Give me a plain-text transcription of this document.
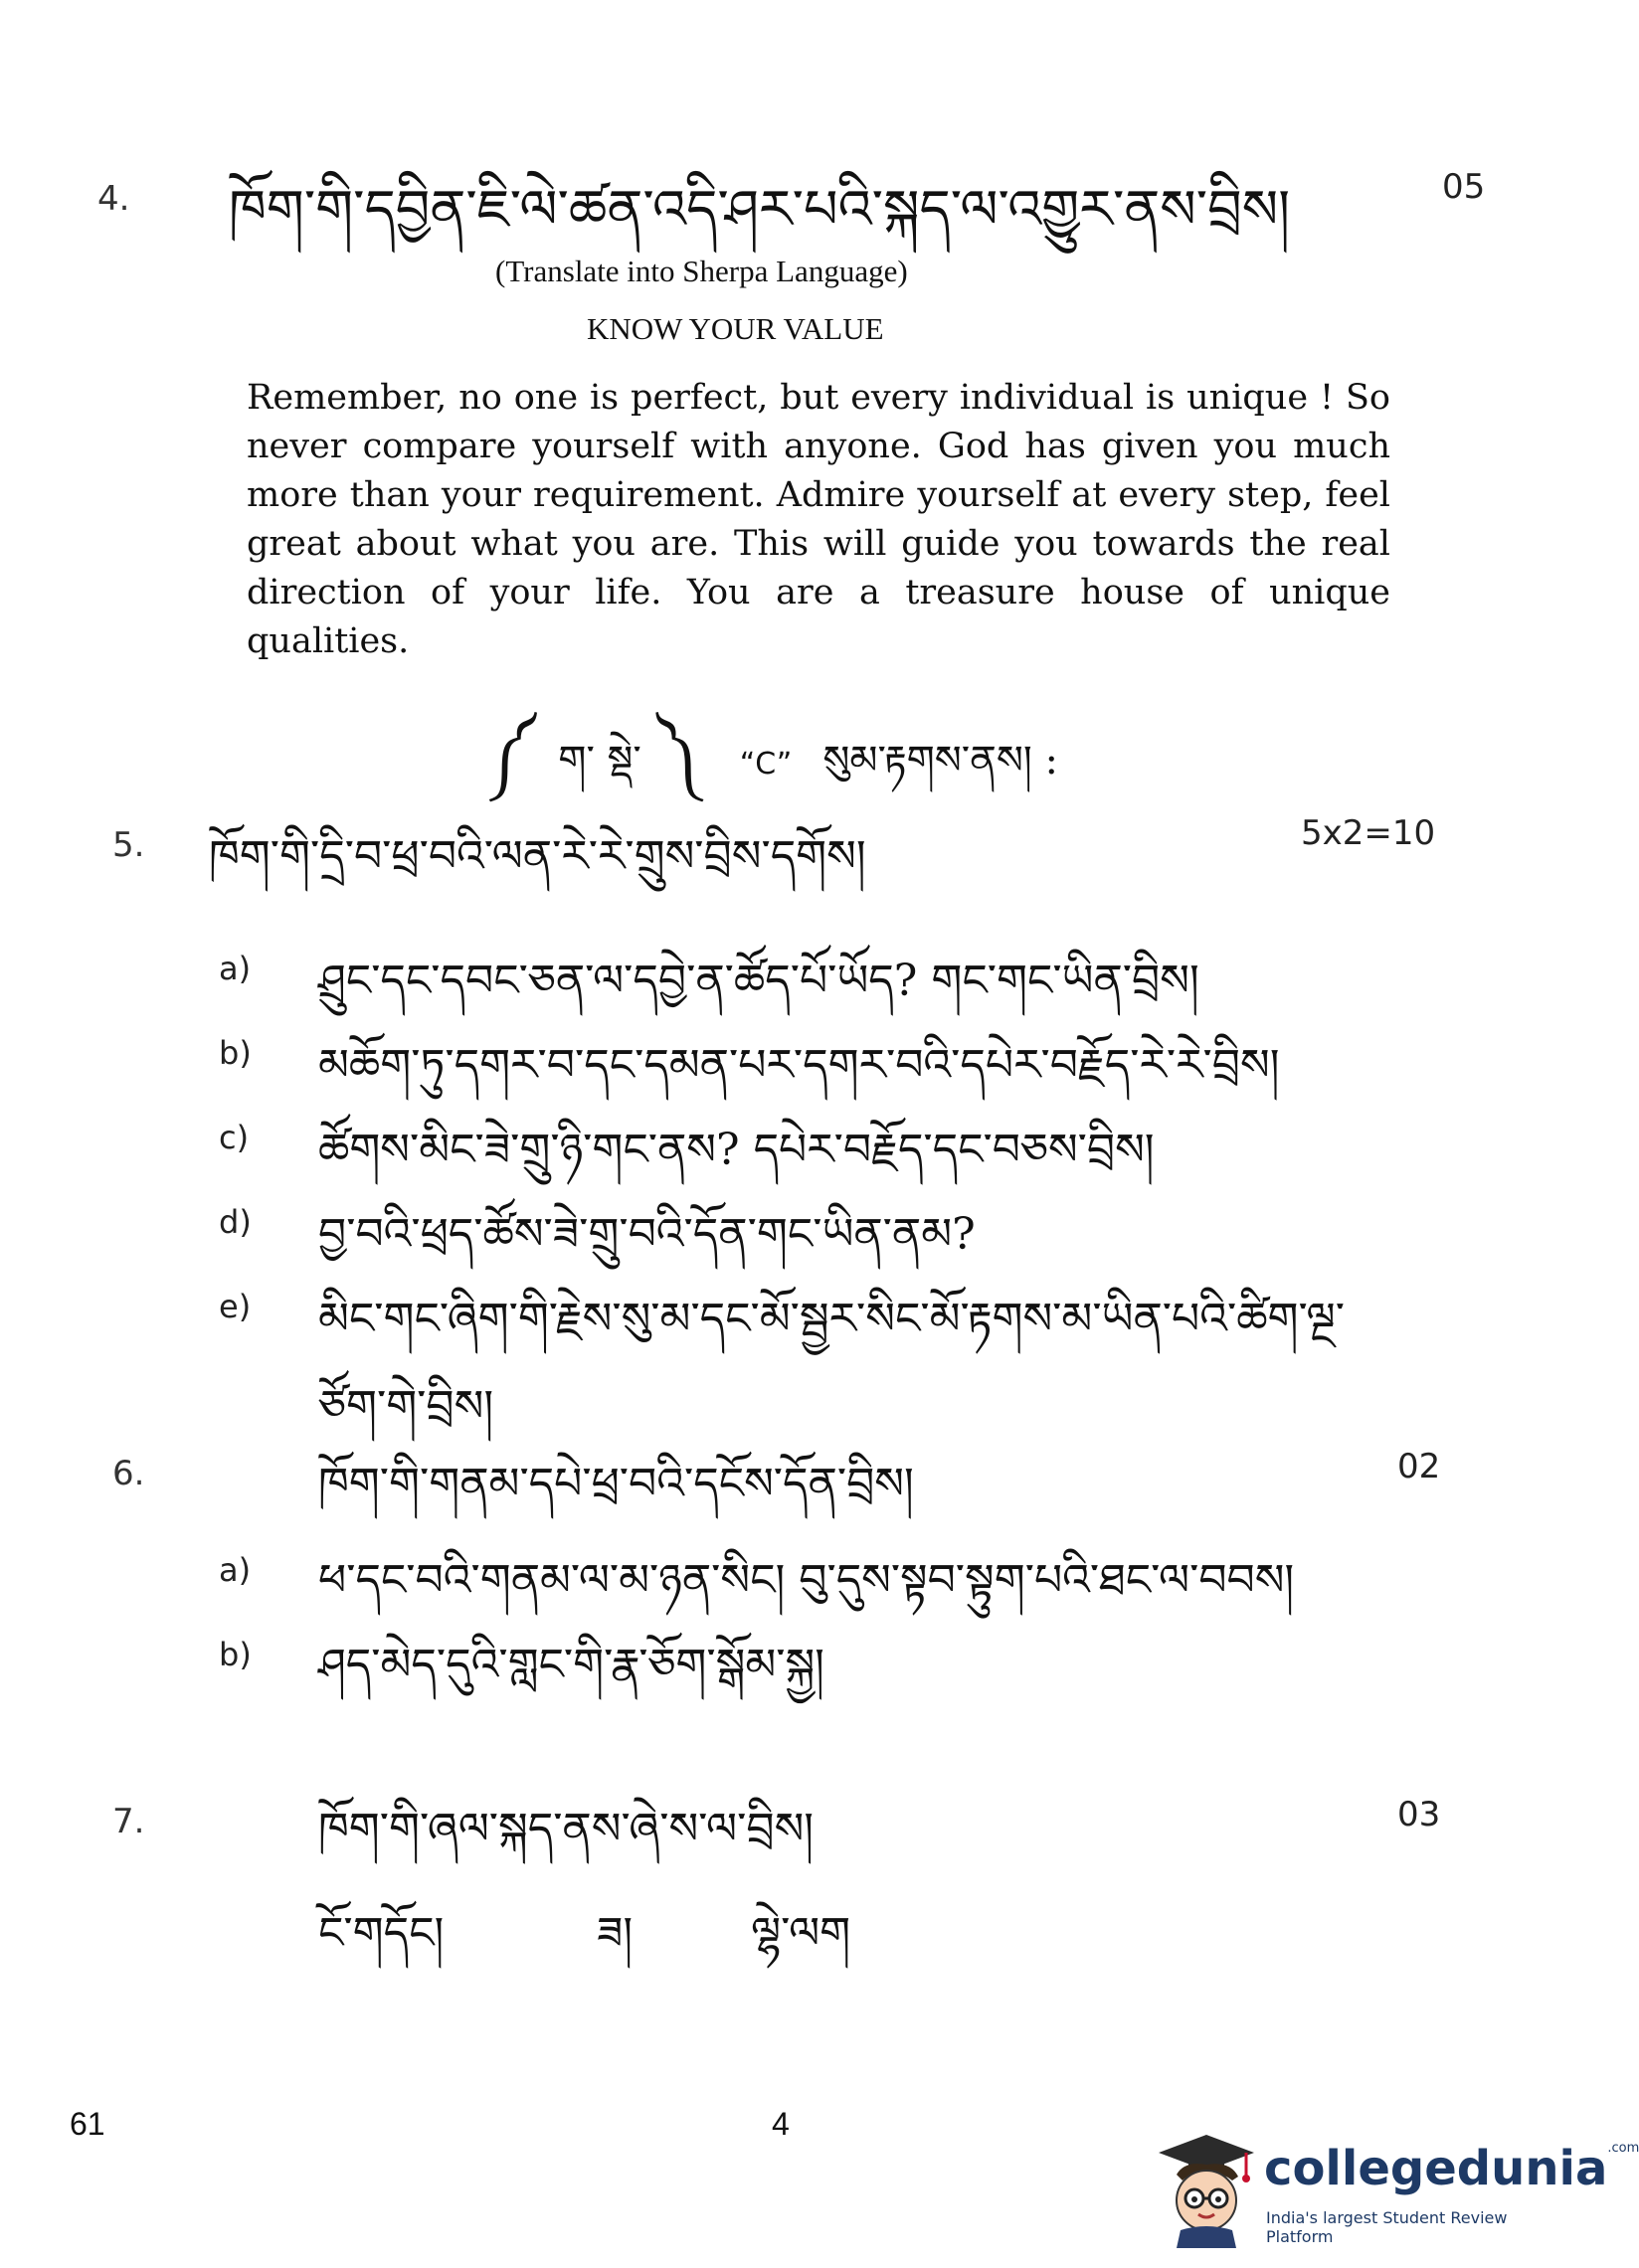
4. ཁོག་གི་དབྱིན་ཇི་ལེ་ཚན་འདི་ཤར་པའི་སྐད་ལ་འགྱུར་ནས་བྲིས།	05
(Translate into Sherpa Language)
KNOW YOUR VALUE
Remember, no one is perfect, but every individual is unique ! So never compare yourself with anyone. God has given you much more than your requirement. Admire yourself at every step, feel great about what you are. This will guide you towards the real direction of your life. You are a treasure house of unique qualities.
༼ ག་ སྡེ་ ༽ “C” སུམ་རྟགས་ནས། :
5. ཁོག་གི་དྲི་བ་ཕྲ་བའི་ལན་རེ་རེ་གྲུས་བྲིས་དགོས།	5x2=10
a) ཤྲུང་དང་དབང་ཅན་ལ་དབྱེ་ན་ཚོད་པོ་ཡོད? གང་གང་ཡིན་བྲིས།
b) མཆོག་ཏུ་དགར་བ་དང་དམན་པར་དགར་བའི་དཔེར་བརྗོད་རེ་རེ་བྲིས།
c) ཚོགས་མིང་ཟེ་གྲུ་ཉི་གང་ནས? དཔེར་བརྗོད་དང་བཅས་བྲིས།
d) བྱ་བའི་ཕྲད་ཚོས་ཟེ་གྲུ་བའི་དོན་གང་ཡིན་ནམ?
e) མིང་གང་ཞིག་གི་རྗེས་སུ་མ་དང་མོ་སྦྱར་སིང་མོ་རྟགས་མ་ཡིན་པའི་ཚིག་ལྔ་
ཙོག་གེ་བྲིས།
6.	ཁོག་གི་གནམ་དཔེ་ཕྲ་བའི་དངོས་དོན་བྲིས།	02
a) ཕ་དང་བའི་གནམ་ལ་མ་ཉན་སིང། བུ་དུས་སྟབ་སྟུག་པའི་ཐང་ལ་བབས།
b) ཤད་མེད་དུའི་གླང་གི་རྣ་ཅོག་སྒོམ་སྐྱ།
7.	ཁོག་གི་ཞལ་སྐད་ནས་ཞེ་ས་ལ་བྲིས།	03
ངོ་གདོང།	ཟ།	ལྷེ་ལག
61	4
collegedunia$^{.com}$
India's largest Student Review Platform
